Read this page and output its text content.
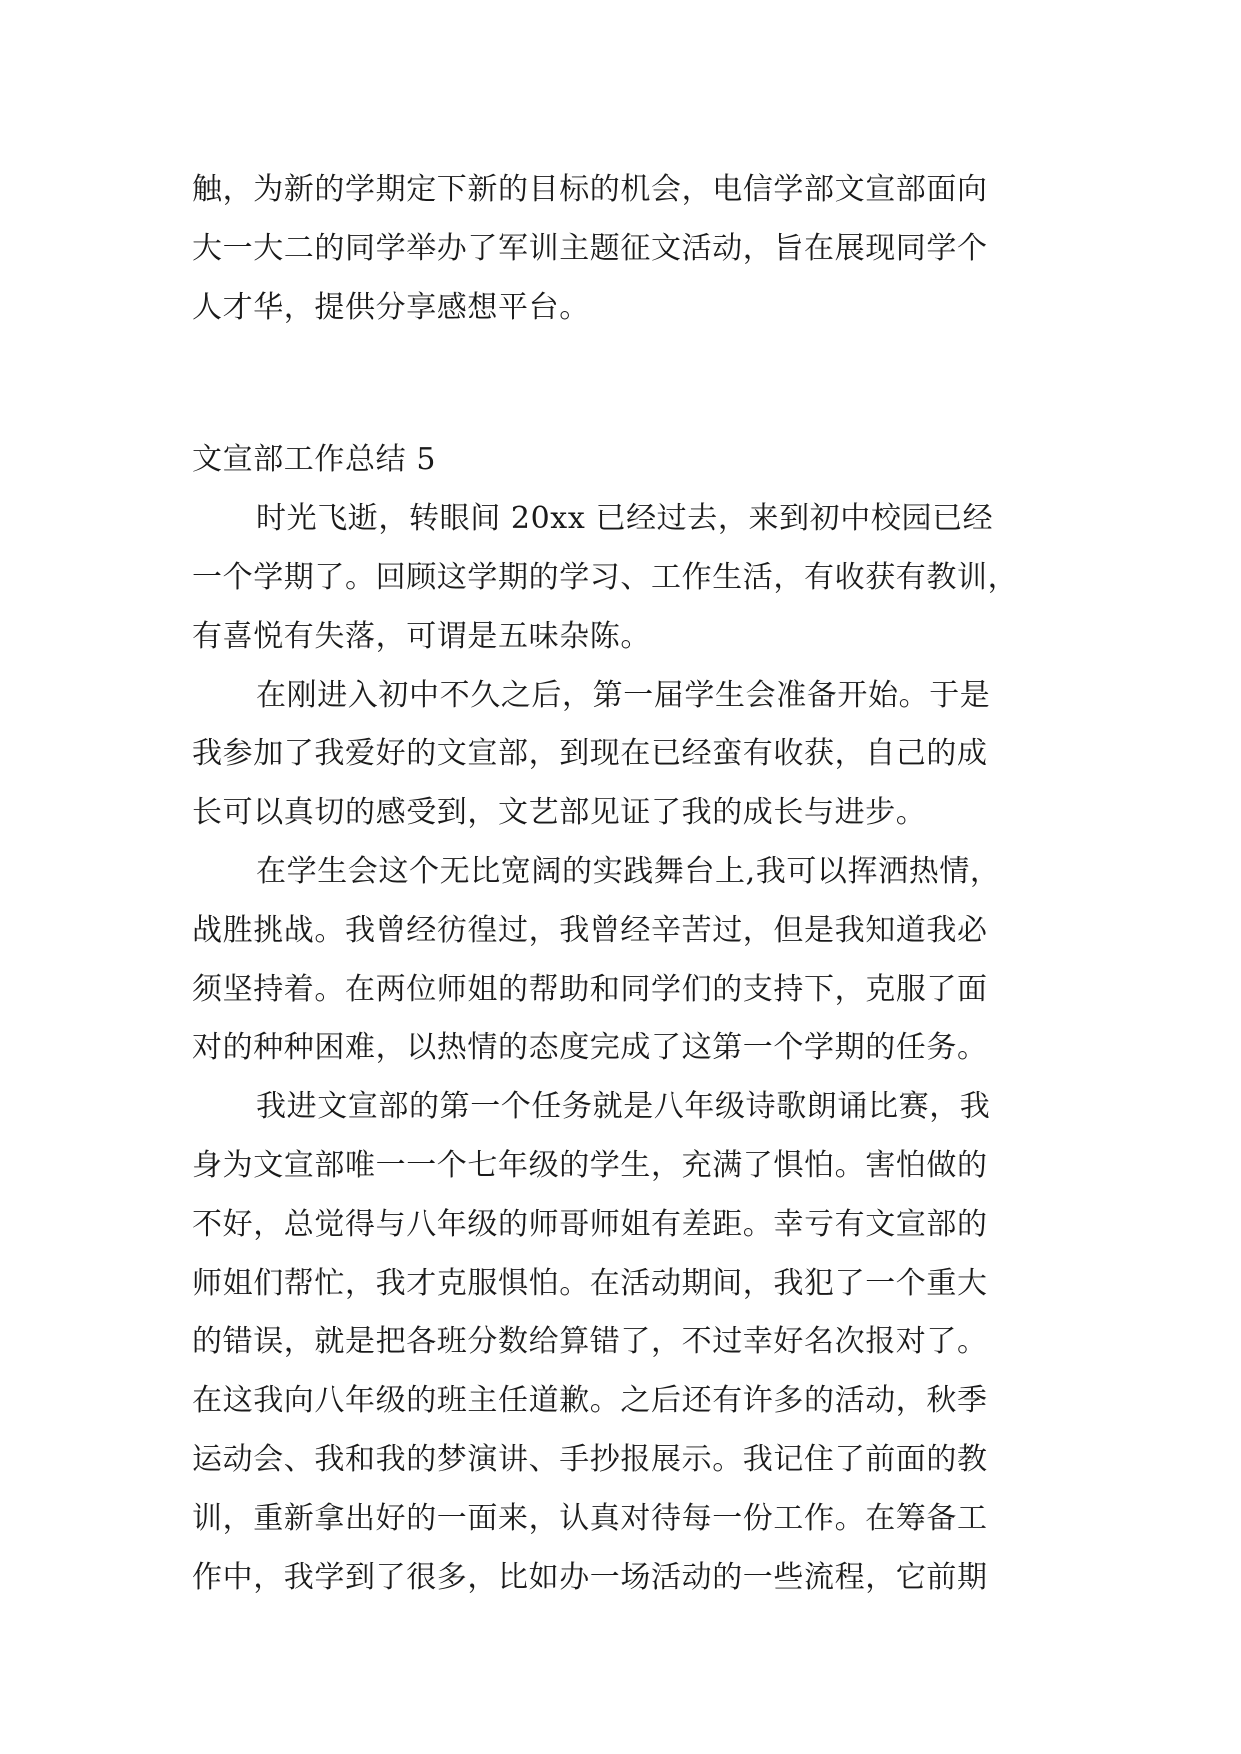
触，为新的学期定下新的目标的机会，电信学部文宣部面向
大一大二的同学举办了军训主题征文活动，旨在展现同学个
人才华，提供分享感想平台。
文宣部工作总结 5
时光飞逝，转眼间 20xx 已经过去，来到初中校园已经
一个学期了。回顾这学期的学习、工作生活，有收获有教训，
有喜悦有失落，可谓是五味杂陈。
在刚进入初中不久之后，第一届学生会准备开始。于是
我参加了我爱好的文宣部，到现在已经蛮有收获，自己的成
长可以真切的感受到，文艺部见证了我的成长与进步。
在学生会这个无比宽阔的实践舞台上,我可以挥洒热情，
战胜挑战。我曾经彷徨过，我曾经辛苦过，但是我知道我必
须坚持着。在两位师姐的帮助和同学们的支持下，克服了面
对的种种困难，以热情的态度完成了这第一个学期的任务。
我进文宣部的第一个任务就是八年级诗歌朗诵比赛，我
身为文宣部唯一一个七年级的学生，充满了惧怕。害怕做的
不好，总觉得与八年级的师哥师姐有差距。幸亏有文宣部的
师姐们帮忙，我才克服惧怕。在活动期间，我犯了一个重大
的错误，就是把各班分数给算错了，不过幸好名次报对了。
在这我向八年级的班主任道歉。之后还有许多的活动，秋季
运动会、我和我的梦演讲、手抄报展示。我记住了前面的教
训，重新拿出好的一面来，认真对待每一份工作。在筹备工
作中，我学到了很多，比如办一场活动的一些流程，它前期
